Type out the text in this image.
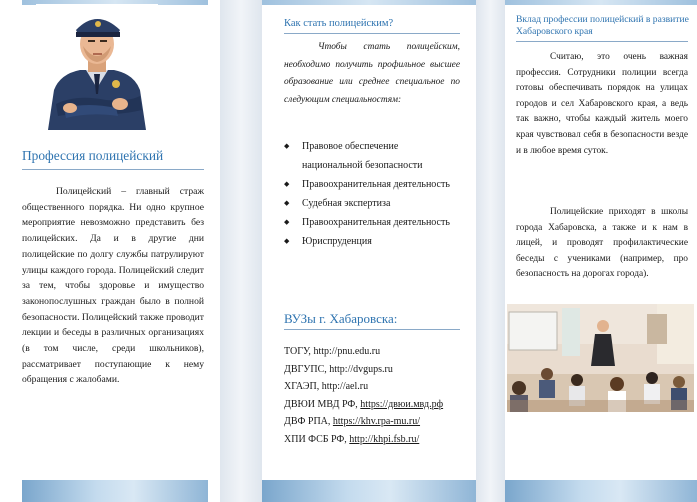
Профессия полицейский

Полицейский – главный страж общественного порядка. Ни одно крупное мероприятие невозможно представить без полицейских. Да и в другие дни полицейские по долгу службы патрулируют улицы каждого города. Полицейский следит за тем, чтобы здоровье и имущество законопослушных граждан было в полной безопасности. Полицейский также проводит лекции и беседы в различных организациях (в том числе, среди школьников), рассматривает поступающие к нему обращения с жалобами.

Как стать полицейским?

Чтобы стать полицейским, необходимо получить профильное высшее образование или среднее специальное по следующим специальностям:

◆ Правовое обеспечение национальной безопасности
◆ Правоохранительная деятельность
◆ Судебная экспертиза
◆ Правоохранительная деятельность
◆ Юриспруденция
ВУЗы г. Хабаровска:
ТОГУ, http://pnu.edu.ru
ДВГУПС, http://dvgups.ru
ХГАЭП, http://ael.ru
ДВЮИ МВД РФ, https://двюи.мвд.рф
ДВФ РПА, https://khv.rpa-mu.ru/
ХПИ ФСБ РФ, http://khpi.fsb.ru/
Вклад профессии полицейский в развитие Хабаровского края

Считаю, это очень важная профессия. Сотрудники полиции всегда готовы обеспечивать порядок на улицах городов и сел Хабаровского края, а ведь так важно, чтобы каждый житель моего края чувствовал себя в безопасности везде и в любое время суток.

Полицейские приходят в школы города Хабаровска, а также и к нам в лицей, и проводят профилактические беседы с учениками (например, про безопасность на дорогах города).
